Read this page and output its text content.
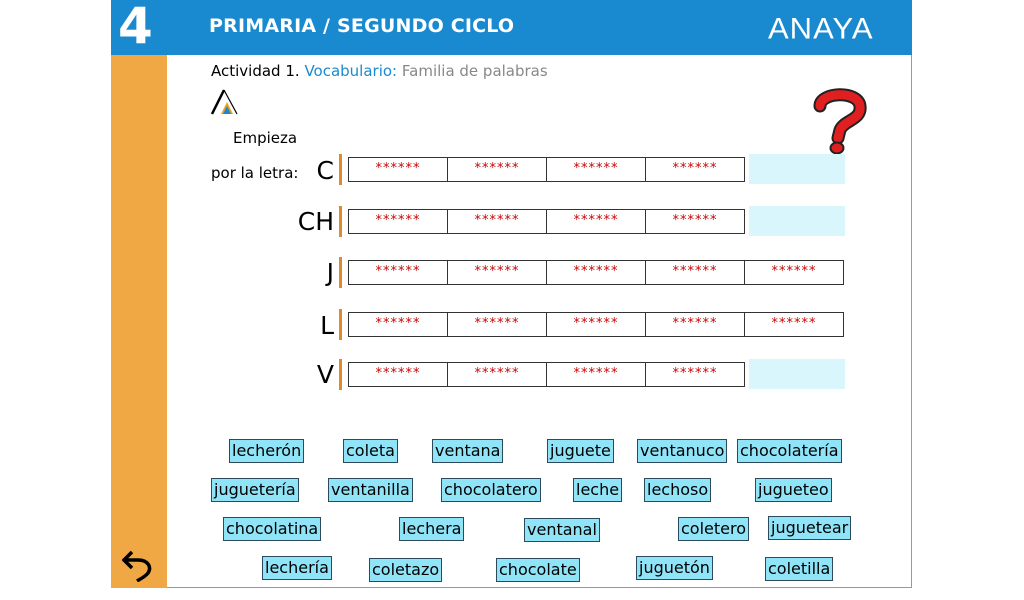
4	PRIMARIA / SEGUNDO CICLO	ANAYA
Actividad 1. Vocabulario: Familia de palabras
Empieza
por la letra: C	******	******	******	******
CH	******	******	******	******
J	******	******	******	******	******
L	******	******	******	******	******
V	******	******	******	******
lecherón	coleta	ventana	juguete ventanuco chocolatería
juguetería ventanilla chocolatero leche lechoso	jugueteo
chocolatina	lechera	ventanal	coletero juguetear
lechería	coletazo	chocolate	juguetón	coletilla
